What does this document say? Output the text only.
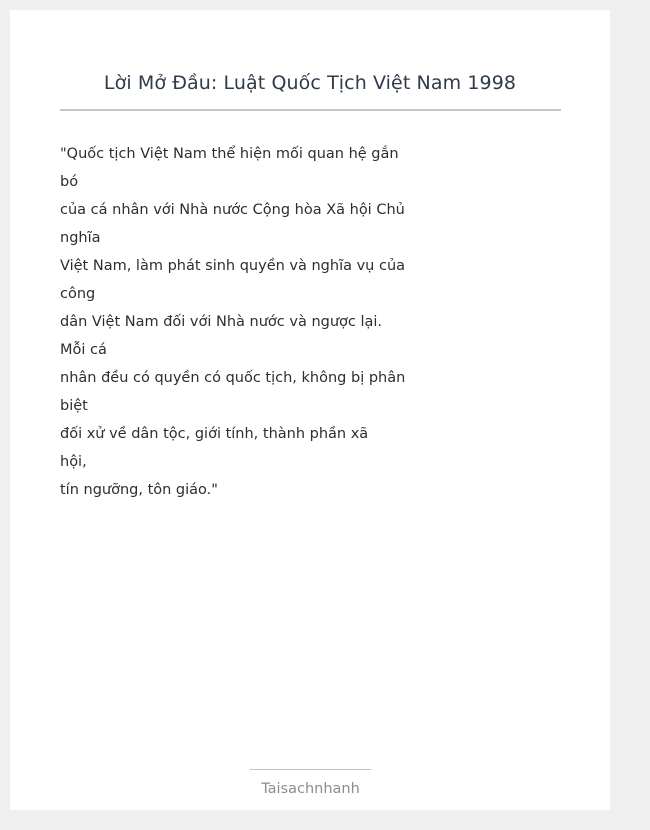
Lời Mở Đầu: Luật Quốc Tịch Việt Nam 1998
"Quốc tịch Việt Nam thể hiện mối quan hệ gắn
bó
của cá nhân với Nhà nước Cộng hòa Xã hội Chủ
nghĩa
Việt Nam, làm phát sinh quyền và nghĩa vụ của
công
dân Việt Nam đối với Nhà nước và ngược lại.
Mỗi cá
nhân đều có quyền có quốc tịch, không bị phân
biệt
đối xử về dân tộc, giới tính, thành phần xã
hội,
tín ngưỡng, tôn giáo."
Taisachnhanh
